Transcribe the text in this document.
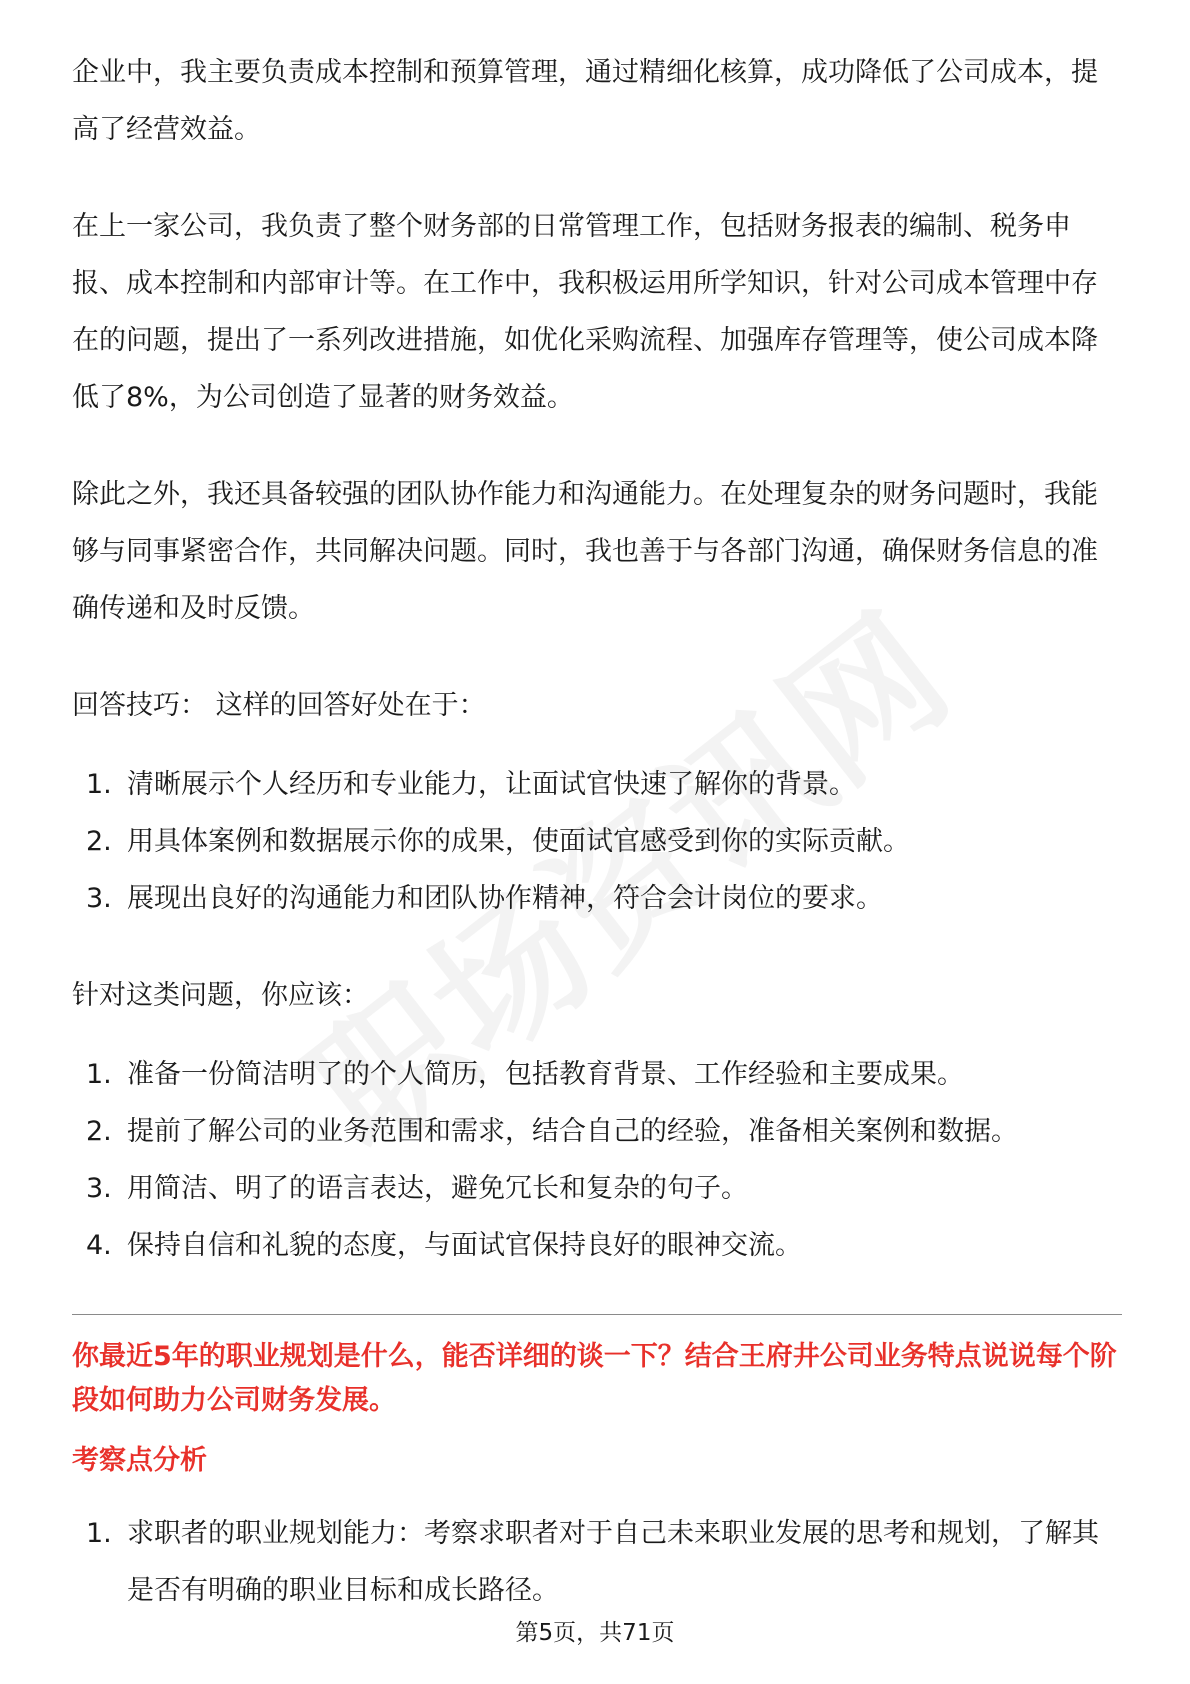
企业中，我主要负责成本控制和预算管理，通过精细化核算，成功降低了公司成本，提高了经营效益。

在上一家公司，我负责了整个财务部的日常管理工作，包括财务报表的编制、税务申报、成本控制和内部审计等。在工作中，我积极运用所学知识，针对公司成本管理中存在的问题，提出了一系列改进措施，如优化采购流程、加强库存管理等，使公司成本降低了8%，为公司创造了显著的财务效益。

除此之外，我还具备较强的团队协作能力和沟通能力。在处理复杂的财务问题时，我能够与同事紧密合作，共同解决问题。同时，我也善于与各部门沟通，确保财务信息的准确传递和及时反馈。

回答技巧： 这样的回答好处在于：

1. 清晰展示个人经历和专业能力，让面试官快速了解你的背景。
2. 用具体案例和数据展示你的成果，使面试官感受到你的实际贡献。
3. 展现出良好的沟通能力和团队协作精神，符合会计岗位的要求。

针对这类问题，你应该：

1. 准备一份简洁明了的个人简历，包括教育背景、工作经验和主要成果。
2. 提前了解公司的业务范围和需求，结合自己的经验，准备相关案例和数据。
3. 用简洁、明了的语言表达，避免冗长和复杂的句子。
4. 保持自信和礼貌的态度，与面试官保持良好的眼神交流。

你最近5年的职业规划是什么，能否详细的谈一下？结合王府井公司业务特点说说每个阶段如何助力公司财务发展。

考察点分析

1. 求职者的职业规划能力：考察求职者对于自己未来职业发展的思考和规划，了解其是否有明确的职业目标和成长路径。
第5页，共71页
